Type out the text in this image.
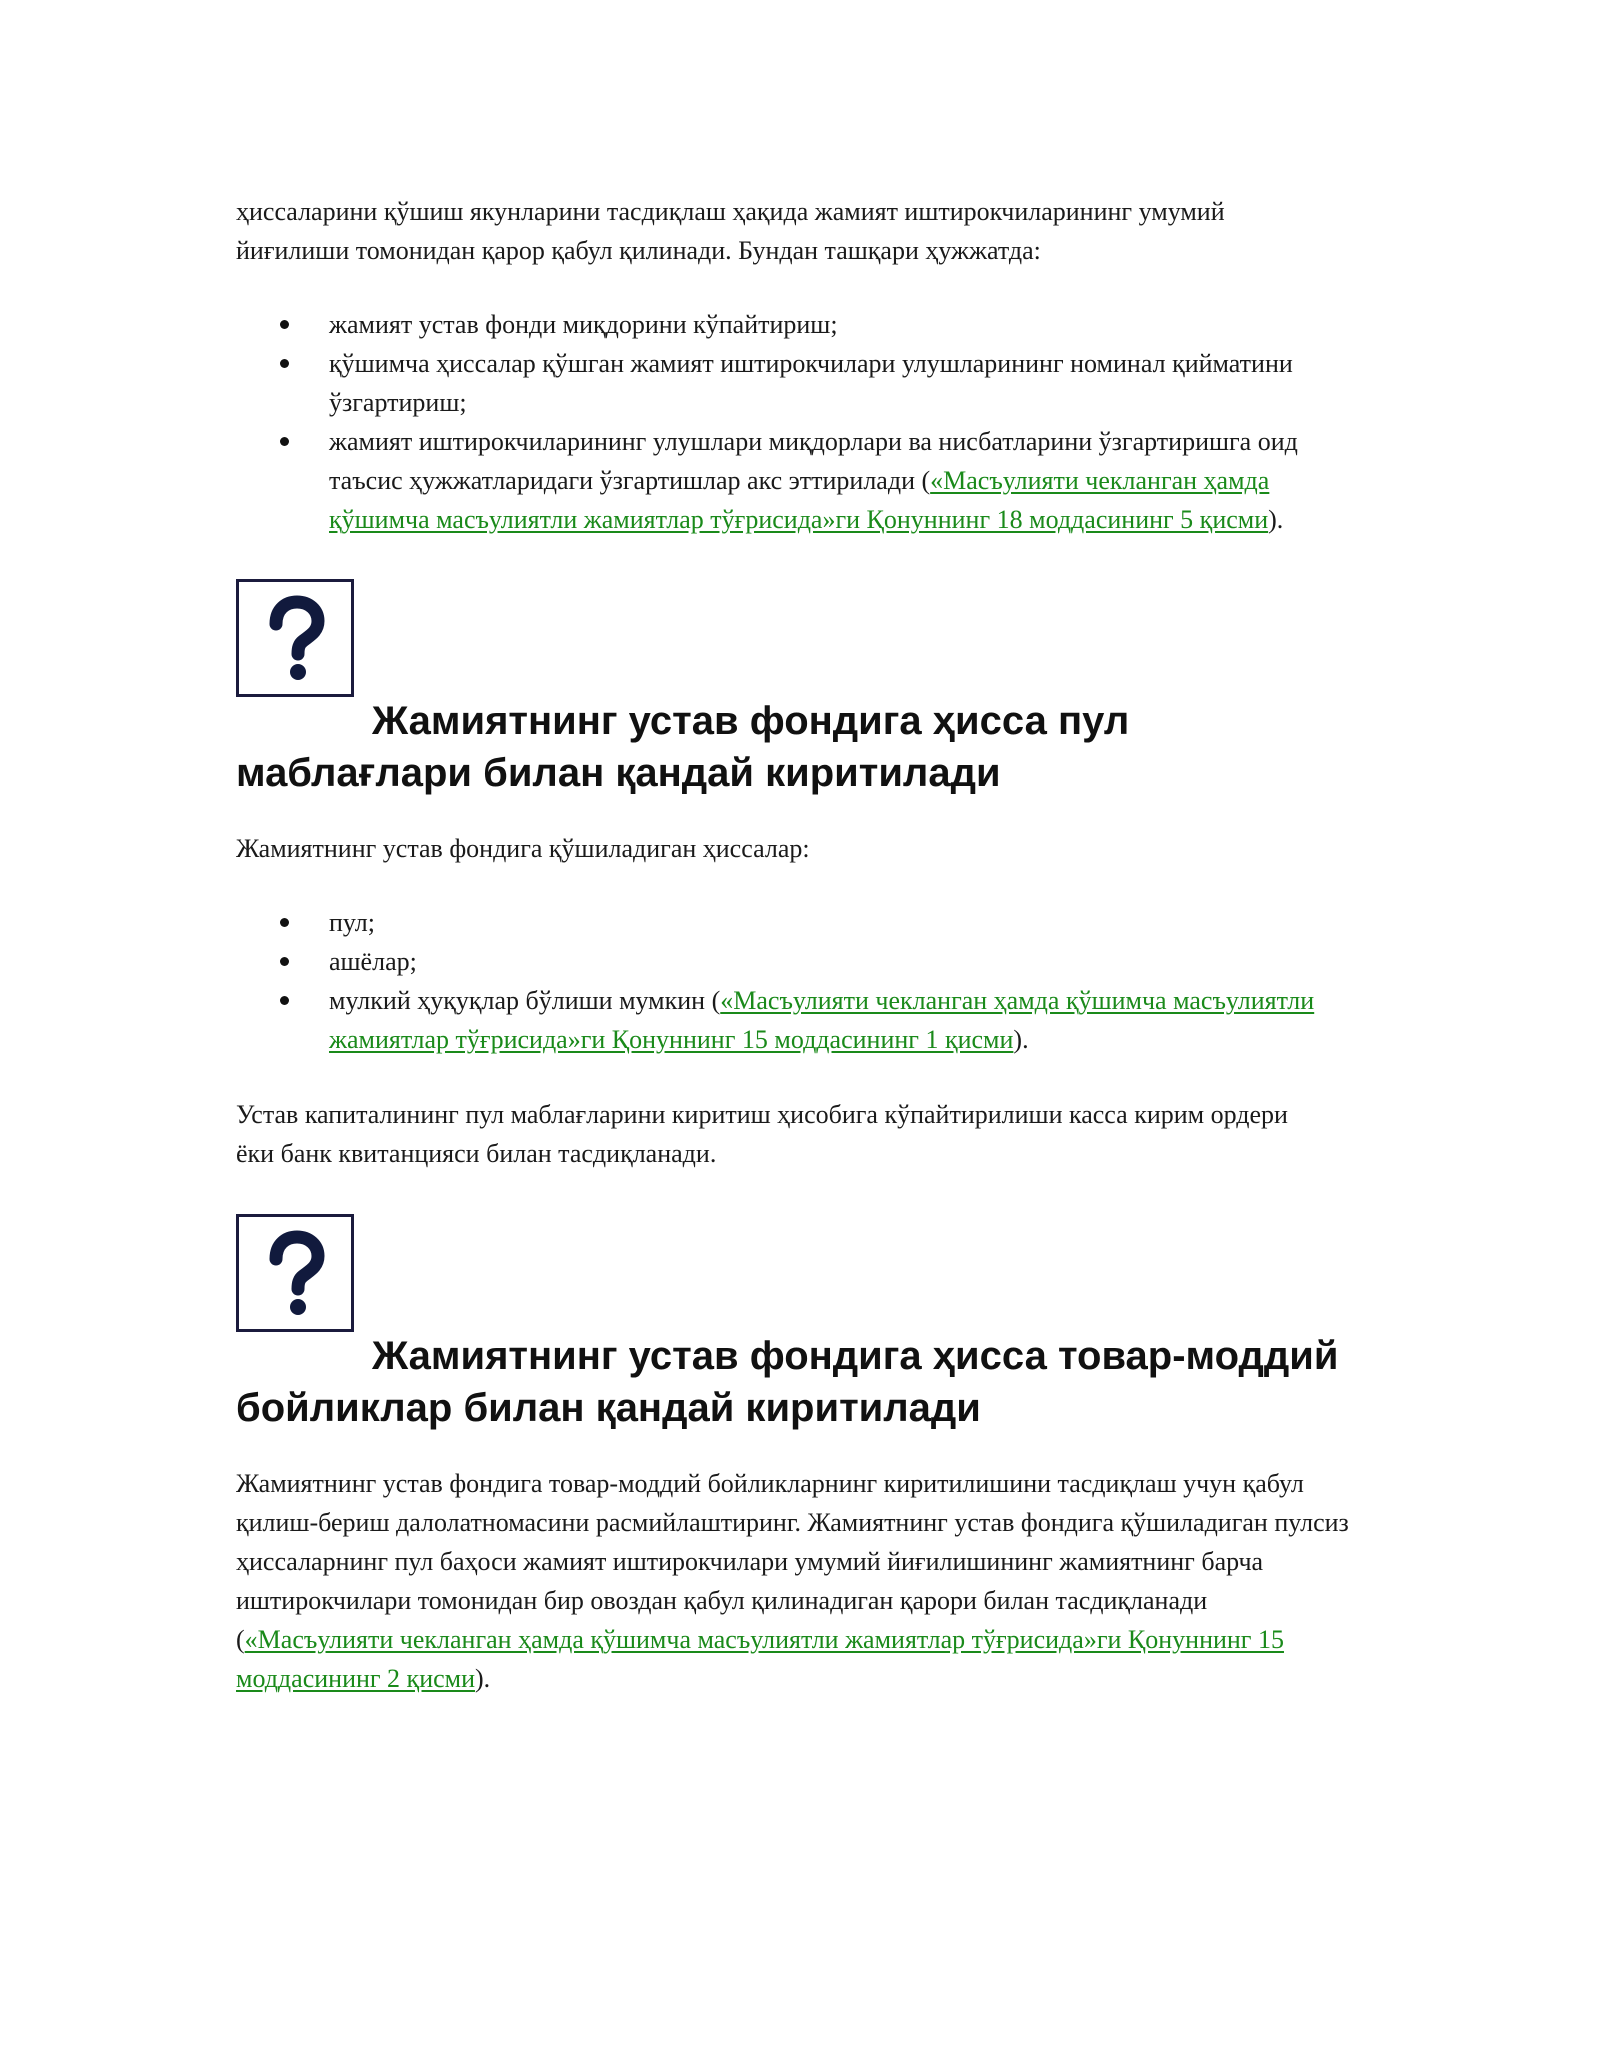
ҳиссаларини қўшиш якунларини тасдиқлаш ҳақида жамият иштирокчиларининг умумий
йиғилиши томонидан қарор қабул қилинади. Бундан ташқари ҳужжатда:

жамият устав фонди миқдорини кўпайтириш;
қўшимча ҳиссалар қўшган жамият иштирокчилари улушларининг номинал қийматини ўзгартириш;
жамият иштирокчиларининг улушлари миқдорлари ва нисбатларини ўзгартиришга оид таъсис ҳужжатларидаги ўзгартишлар акс эттирилади («Масъулияти чекланган ҳамда қўшимча масъулиятли жамиятлар тўғрисида»ги Қонуннинг 18 моддасининг 5 қисми).
Жамиятнинг устав фондига ҳисса пул маблағлари билан қандай киритилади

Жамиятнинг устав фондига қўшиладиган ҳиссалар:

пул;
ашёлар;
мулкий ҳуқуқлар бўлиши мумкин («Масъулияти чекланган ҳамда қўшимча масъулиятли жамиятлар тўғрисида»ги Қонуннинг 15 моддасининг 1 қисми).

Устав капиталининг пул маблағларини киритиш ҳисобига кўпайтирилиши касса кирим ордери ёки банк квитанцияси билан тасдиқланади.

Жамиятнинг устав фондига ҳисса товар-моддий бойликлар билан қандай киритилади

Жамиятнинг устав фондига товар-моддий бойликларнинг киритилишини тасдиқлаш учун қабул қилиш-бериш далолатномасини расмийлаштиринг. Жамиятнинг устав фондига қўшиладиган пулсиз ҳиссаларнинг пул баҳоси жамият иштирокчилари умумий йиғилишининг жамиятнинг барча иштирокчилари томонидан бир овоздан қабул қилинадиган қарори билан тасдиқланади («Масъулияти чекланган ҳамда қўшимча масъулиятли жамиятлар тўғрисида»ги Қонуннинг 15 моддасининг 2 қисми).
